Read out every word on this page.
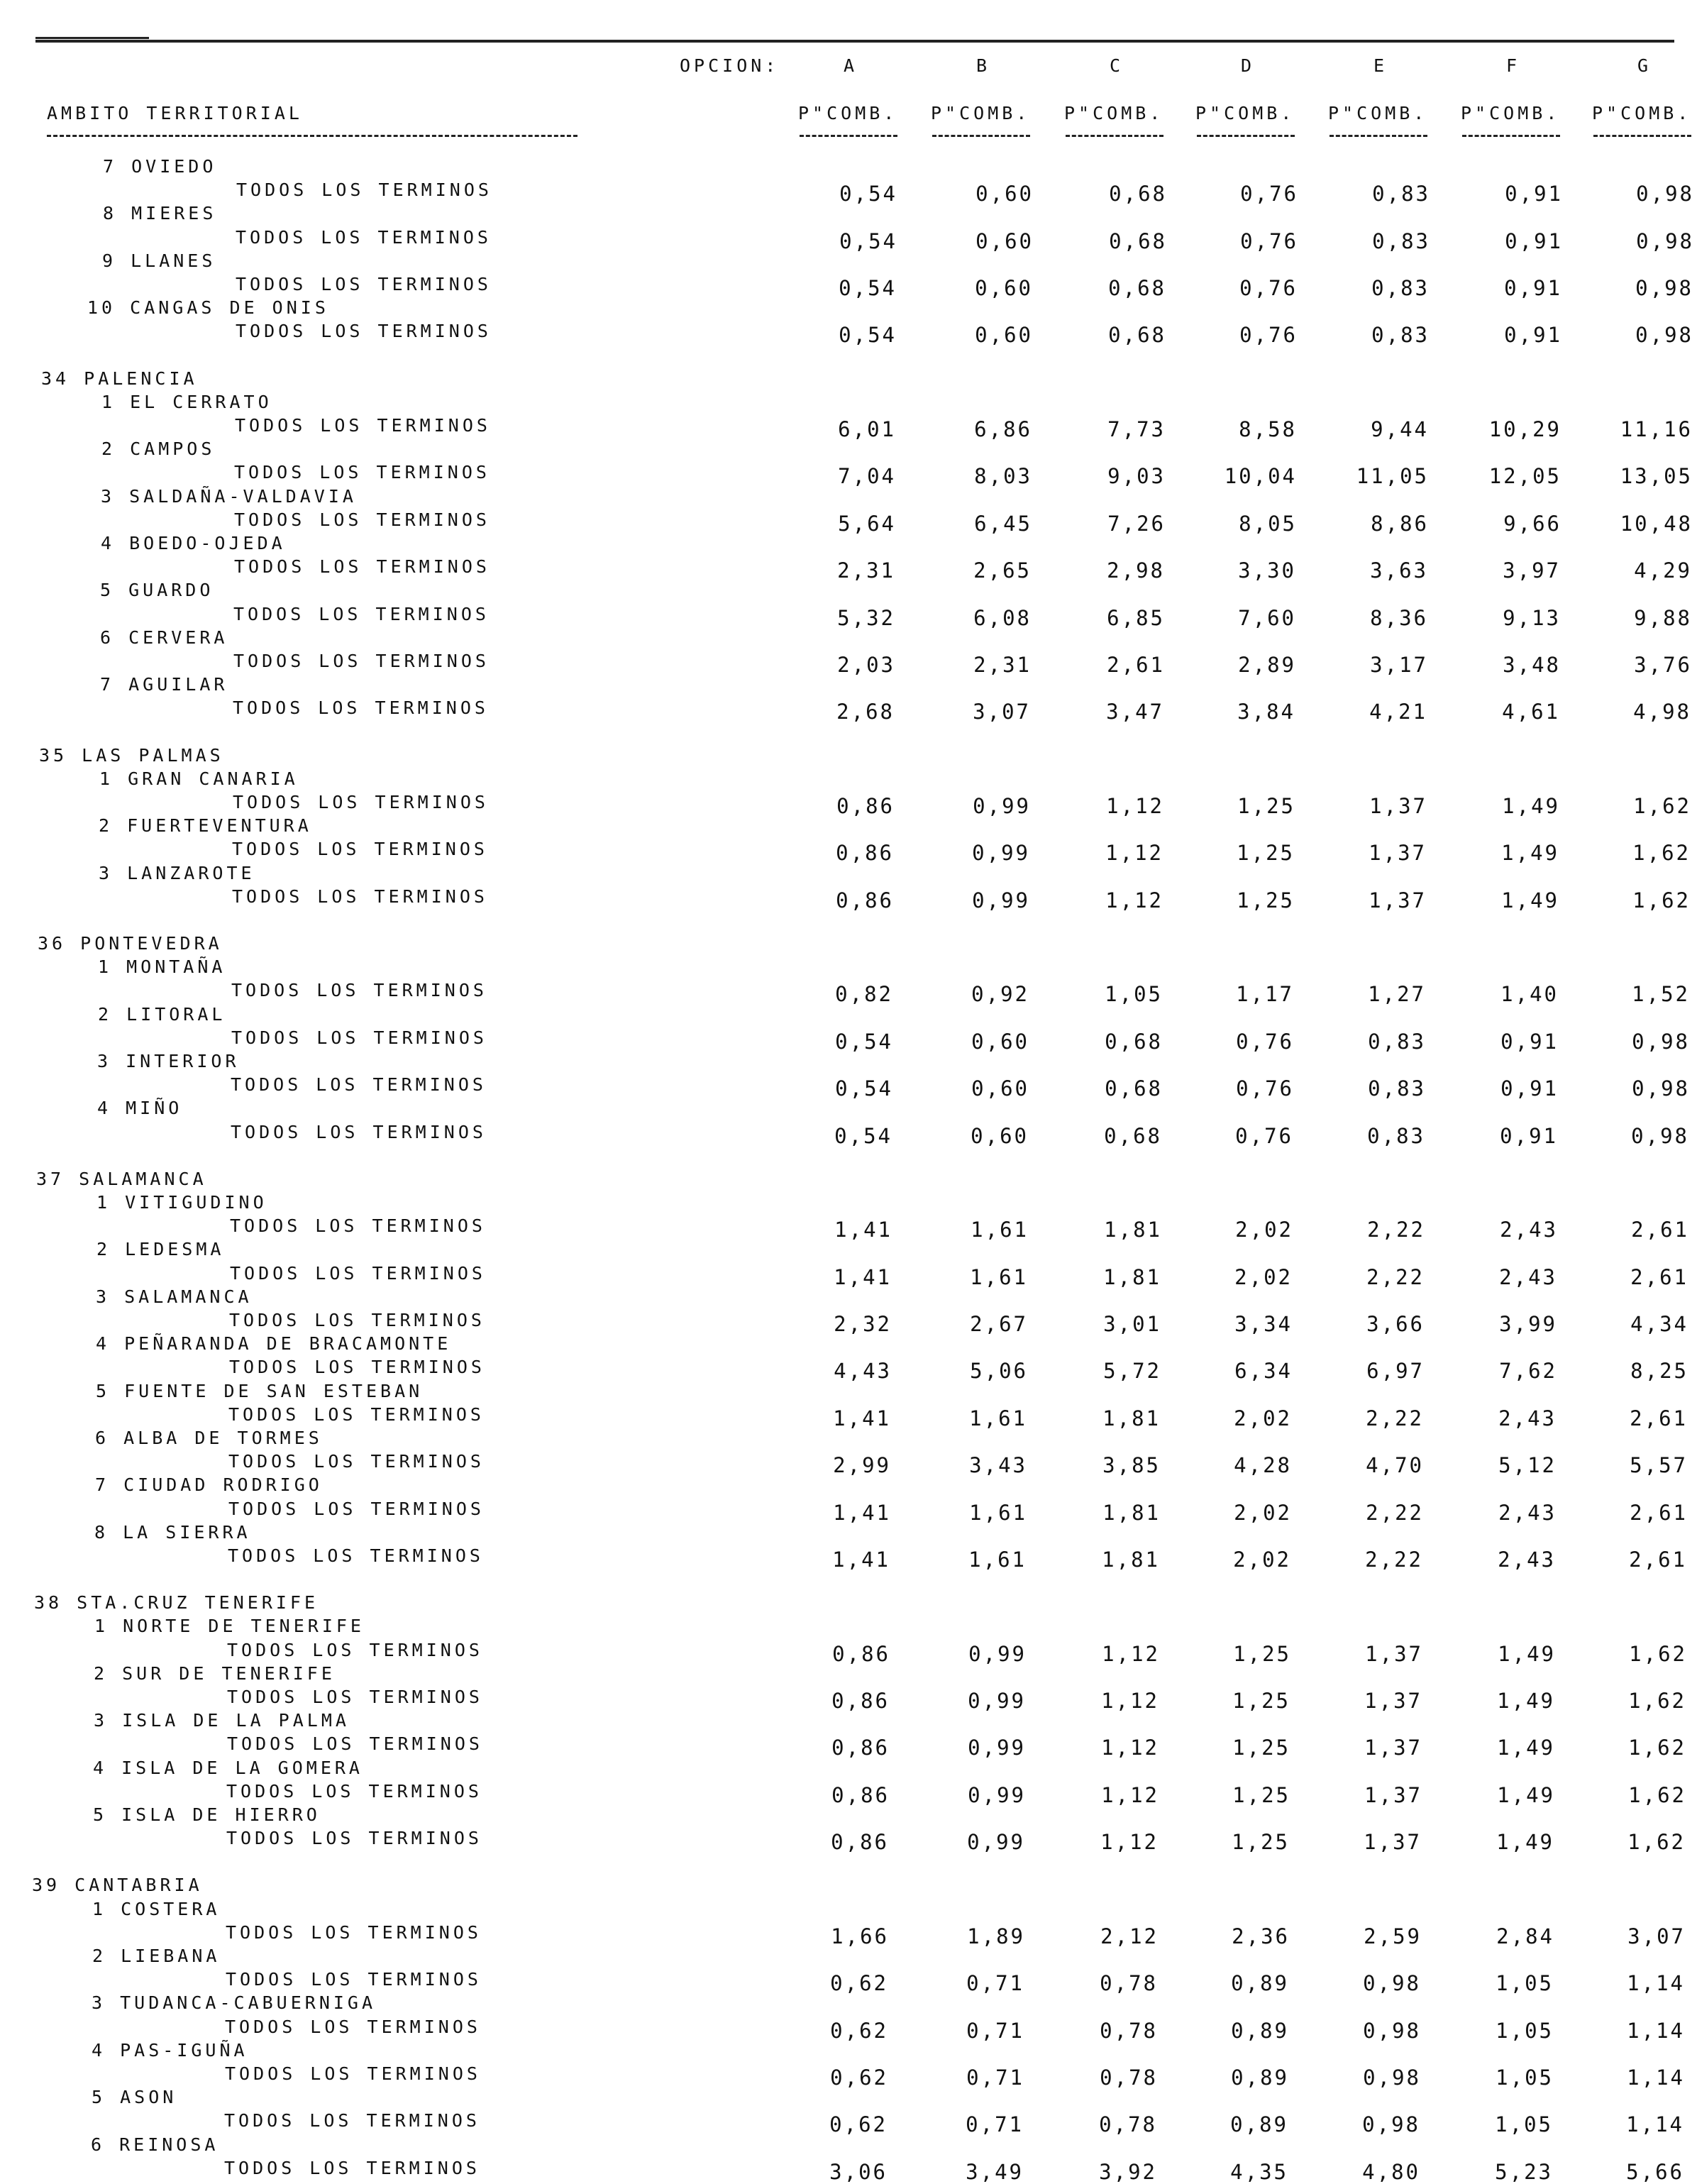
OPCION:	A	B	C	D	E	F	G
AMBITO TERRITORIAL	P"COMB. P"COMB. P"COMB. P"COMB. P"COMB. P"COMB. P"COMB.
7 OVIEDO
TODOS LOS TERMINOS	0,54	0,60	0,68	0,76	0,83	0,91	0,98
8 MIERES
TODOS LOS TERMINOS	0,54	0,60	0,68	0,76	0,83	0,91	0,98
9 LLANES
TODOS LOS TERMINOS	0,54	0,60	0,68	0,76	0,83	0,91	0,98
10 CANGAS DE ONIS
TODOS LOS TERMINOS	0,54	0,60	0,68	0,76	0,83	0,91	0,98
34 PALENCIA
1 EL CERRATO
TODOS LOS TERMINOS	6,01	6,86	7,73	8,58	9,44	10,29	11,16
2 CAMPOS
TODOS LOS TERMINOS	7,04	8,03	9,03	10,04	11,05	12,05	13,05
3 SALDAÑA-VALDAVIA
TODOS LOS TERMINOS	5,64	6,45	7,26	8,05	8,86	9,66	10,48
4 BOEDO-OJEDA
TODOS LOS TERMINOS	2,31	2,65	2,98	3,30	3,63	3,97	4,29
5 GUARDO
TODOS LOS TERMINOS	5,32	6,08	6,85	7,60	8,36	9,13	9,88
6 CERVERA
TODOS LOS TERMINOS	2,03	2,31	2,61	2,89	3,17	3,48	3,76
7 AGUILAR
TODOS LOS TERMINOS	2,68	3,07	3,47	3,84	4,21	4,61	4,98
35 LAS PALMAS
1 GRAN CANARIA
TODOS LOS TERMINOS	0,86	0,99	1,12	1,25	1,37	1,49	1,62
2 FUERTEVENTURA
TODOS LOS TERMINOS	0,86	0,99	1,12	1,25	1,37	1,49	1,62
3 LANZAROTE
TODOS LOS TERMINOS	0,86	0,99	1,12	1,25	1,37	1,49	1,62
36 PONTEVEDRA
1 MONTAÑA
TODOS LOS TERMINOS	0,82	0,92	1,05	1,17	1,27	1,40	1,52
2 LITORAL
TODOS LOS TERMINOS	0,54	0,60	0,68	0,76	0,83	0,91	0,98
3 INTERIOR
TODOS LOS TERMINOS	0,54	0,60	0,68	0,76	0,83	0,91	0,98
4 MIÑO
TODOS LOS TERMINOS	0,54	0,60	0,68	0,76	0,83	0,91	0,98
37 SALAMANCA
1 VITIGUDINO
TODOS LOS TERMINOS	1,41	1,61	1,81	2,02	2,22	2,43	2,61
2 LEDESMA
TODOS LOS TERMINOS	1,41	1,61	1,81	2,02	2,22	2,43	2,61
3 SALAMANCA
TODOS LOS TERMINOS	2,32	2,67	3,01	3,34	3,66	3,99	4,34
4 PEÑARANDA DE BRACAMONTE
TODOS LOS TERMINOS	4,43	5,06	5,72	6,34	6,97	7,62	8,25
5 FUENTE DE SAN ESTEBAN
TODOS LOS TERMINOS	1,41	1,61	1,81	2,02	2,22	2,43	2,61
6 ALBA DE TORMES
TODOS LOS TERMINOS	2,99	3,43	3,85	4,28	4,70	5,12	5,57
7 CIUDAD RODRIGO
TODOS LOS TERMINOS	1,41	1,61	1,81	2,02	2,22	2,43	2,61
8 LA SIERRA
TODOS LOS TERMINOS	1,41	1,61	1,81	2,02	2,22	2,43	2,61
38 STA.CRUZ TENERIFE
1 NORTE DE TENERIFE
TODOS LOS TERMINOS	0,86	0,99	1,12	1,25	1,37	1,49	1,62
2 SUR DE TENERIFE
TODOS LOS TERMINOS	0,86	0,99	1,12	1,25	1,37	1,49	1,62
3 ISLA DE LA PALMA
TODOS LOS TERMINOS	0,86	0,99	1,12	1,25	1,37	1,49	1,62
4 ISLA DE LA GOMERA
TODOS LOS TERMINOS	0,86	0,99	1,12	1,25	1,37	1,49	1,62
5 ISLA DE HIERRO
TODOS LOS TERMINOS	0,86	0,99	1,12	1,25	1,37	1,49	1,62
39 CANTABRIA
1 COSTERA
TODOS LOS TERMINOS	1,66	1,89	2,12	2,36	2,59	2,84	3,07
2 LIEBANA
TODOS LOS TERMINOS	0,62	0,71	0,78	0,89	0,98	1,05	1,14
3 TUDANCA-CABUERNIGA
TODOS LOS TERMINOS	0,62	0,71	0,78	0,89	0,98	1,05	1,14
4 PAS-IGUÑA
TODOS LOS TERMINOS	0,62	0,71	0,78	0,89	0,98	1,05	1,14
5 ASON
TODOS LOS TERMINOS	0,62	0,71	0,78	0,89	0,98	1,05	1,14
6 REINOSA
TODOS LOS TERMINOS	3,06	3,49	3,92	4,35	4,80	5,23	5,66
